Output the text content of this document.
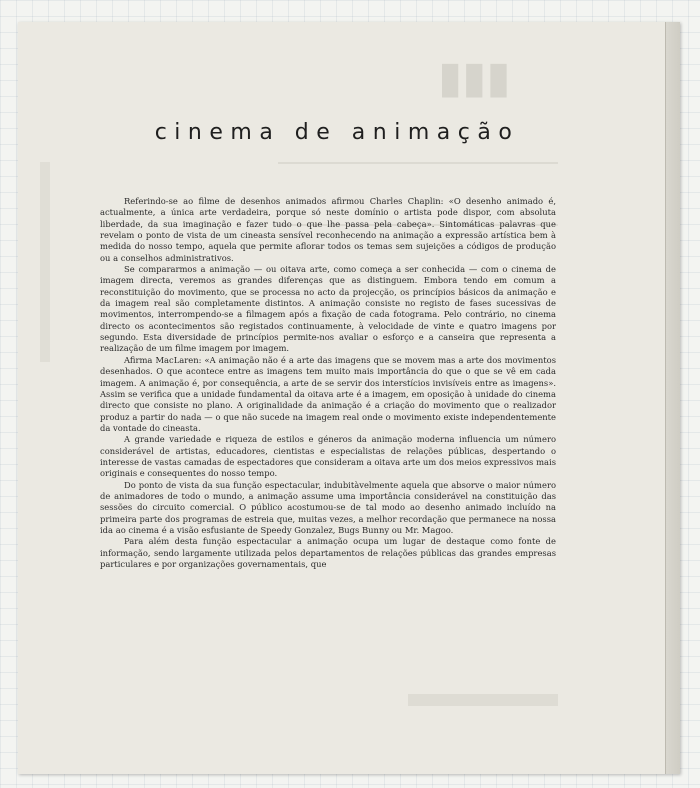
▮▮▮
cinema de animação

Referindo-se ao filme de desenhos animados afirmou Charles Chaplin: «O desenho animado é, actualmente, a única arte verdadeira, porque só neste domínio o artista pode dispor, com absoluta liberdade, da sua imaginação e fazer tudo o que lhe passa pela cabeça». Sintomáticas palavras que revelam o ponto de vista de um cineasta sensível reconhecendo na animação a expressão artística bem à medida do nosso tempo, aquela que permite aflorar todos os temas sem sujeições a códigos de produção ou a conselhos administrativos.

Se compararmos a animação — ou oitava arte, como começa a ser conhecida — com o cinema de imagem directa, veremos as grandes diferenças que as distinguem. Embora tendo em comum a reconstituição do movimento, que se processa no acto da projecção, os princípios básicos da animação e da imagem real são completamente distintos. A animação consiste no registo de fases sucessivas de movimentos, interrompendo-se a filmagem após a fixação de cada fotograma. Pelo contrário, no cinema directo os acontecimentos são registados continuamente, à velocidade de vinte e quatro imagens por segundo. Esta diversidade de princípios permite-nos avaliar o esforço e a canseira que representa a realização de um filme imagem por imagem.

Afirma MacLaren: «A animação não é a arte das imagens que se movem mas a arte dos movimentos desenhados. O que acontece entre as imagens tem muito mais importância do que o que se vê em cada imagem. A animação é, por consequência, a arte de se servir dos interstícios invisíveis entre as imagens». Assim se verifica que a unidade fundamental da oitava arte é a imagem, em oposição à unidade do cinema directo que consiste no plano. A originalidade da animação é a criação do movimento que o realizador produz a partir do nada — o que não sucede na imagem real onde o movimento existe independentemente da vontade do cineasta.

A grande variedade e riqueza de estilos e géneros da animação moderna influencia um número considerável de artistas, educadores, cientistas e especialistas de relações públicas, despertando o interesse de vastas camadas de espectadores que consideram a oitava arte um dos meios expressivos mais originais e consequentes do nosso tempo.

Do ponto de vista da sua função espectacular, indubitàvelmente aquela que absorve o maior número de animadores de todo o mundo, a animação assume uma importância considerável na constituição das sessões do circuito comercial. O público acostumou-se de tal modo ao desenho animado incluído na primeira parte dos programas de estreia que, muitas vezes, a melhor recordação que permanece na nossa ida ao cinema é a visão esfusiante de Speedy Gonzalez, Bugs Bunny ou Mr. Magoo.

Para além desta função espectacular a animação ocupa um lugar de destaque como fonte de informação, sendo largamente utilizada pelos departamentos de relações públicas das grandes empresas particulares e por organizações governamentais, que
